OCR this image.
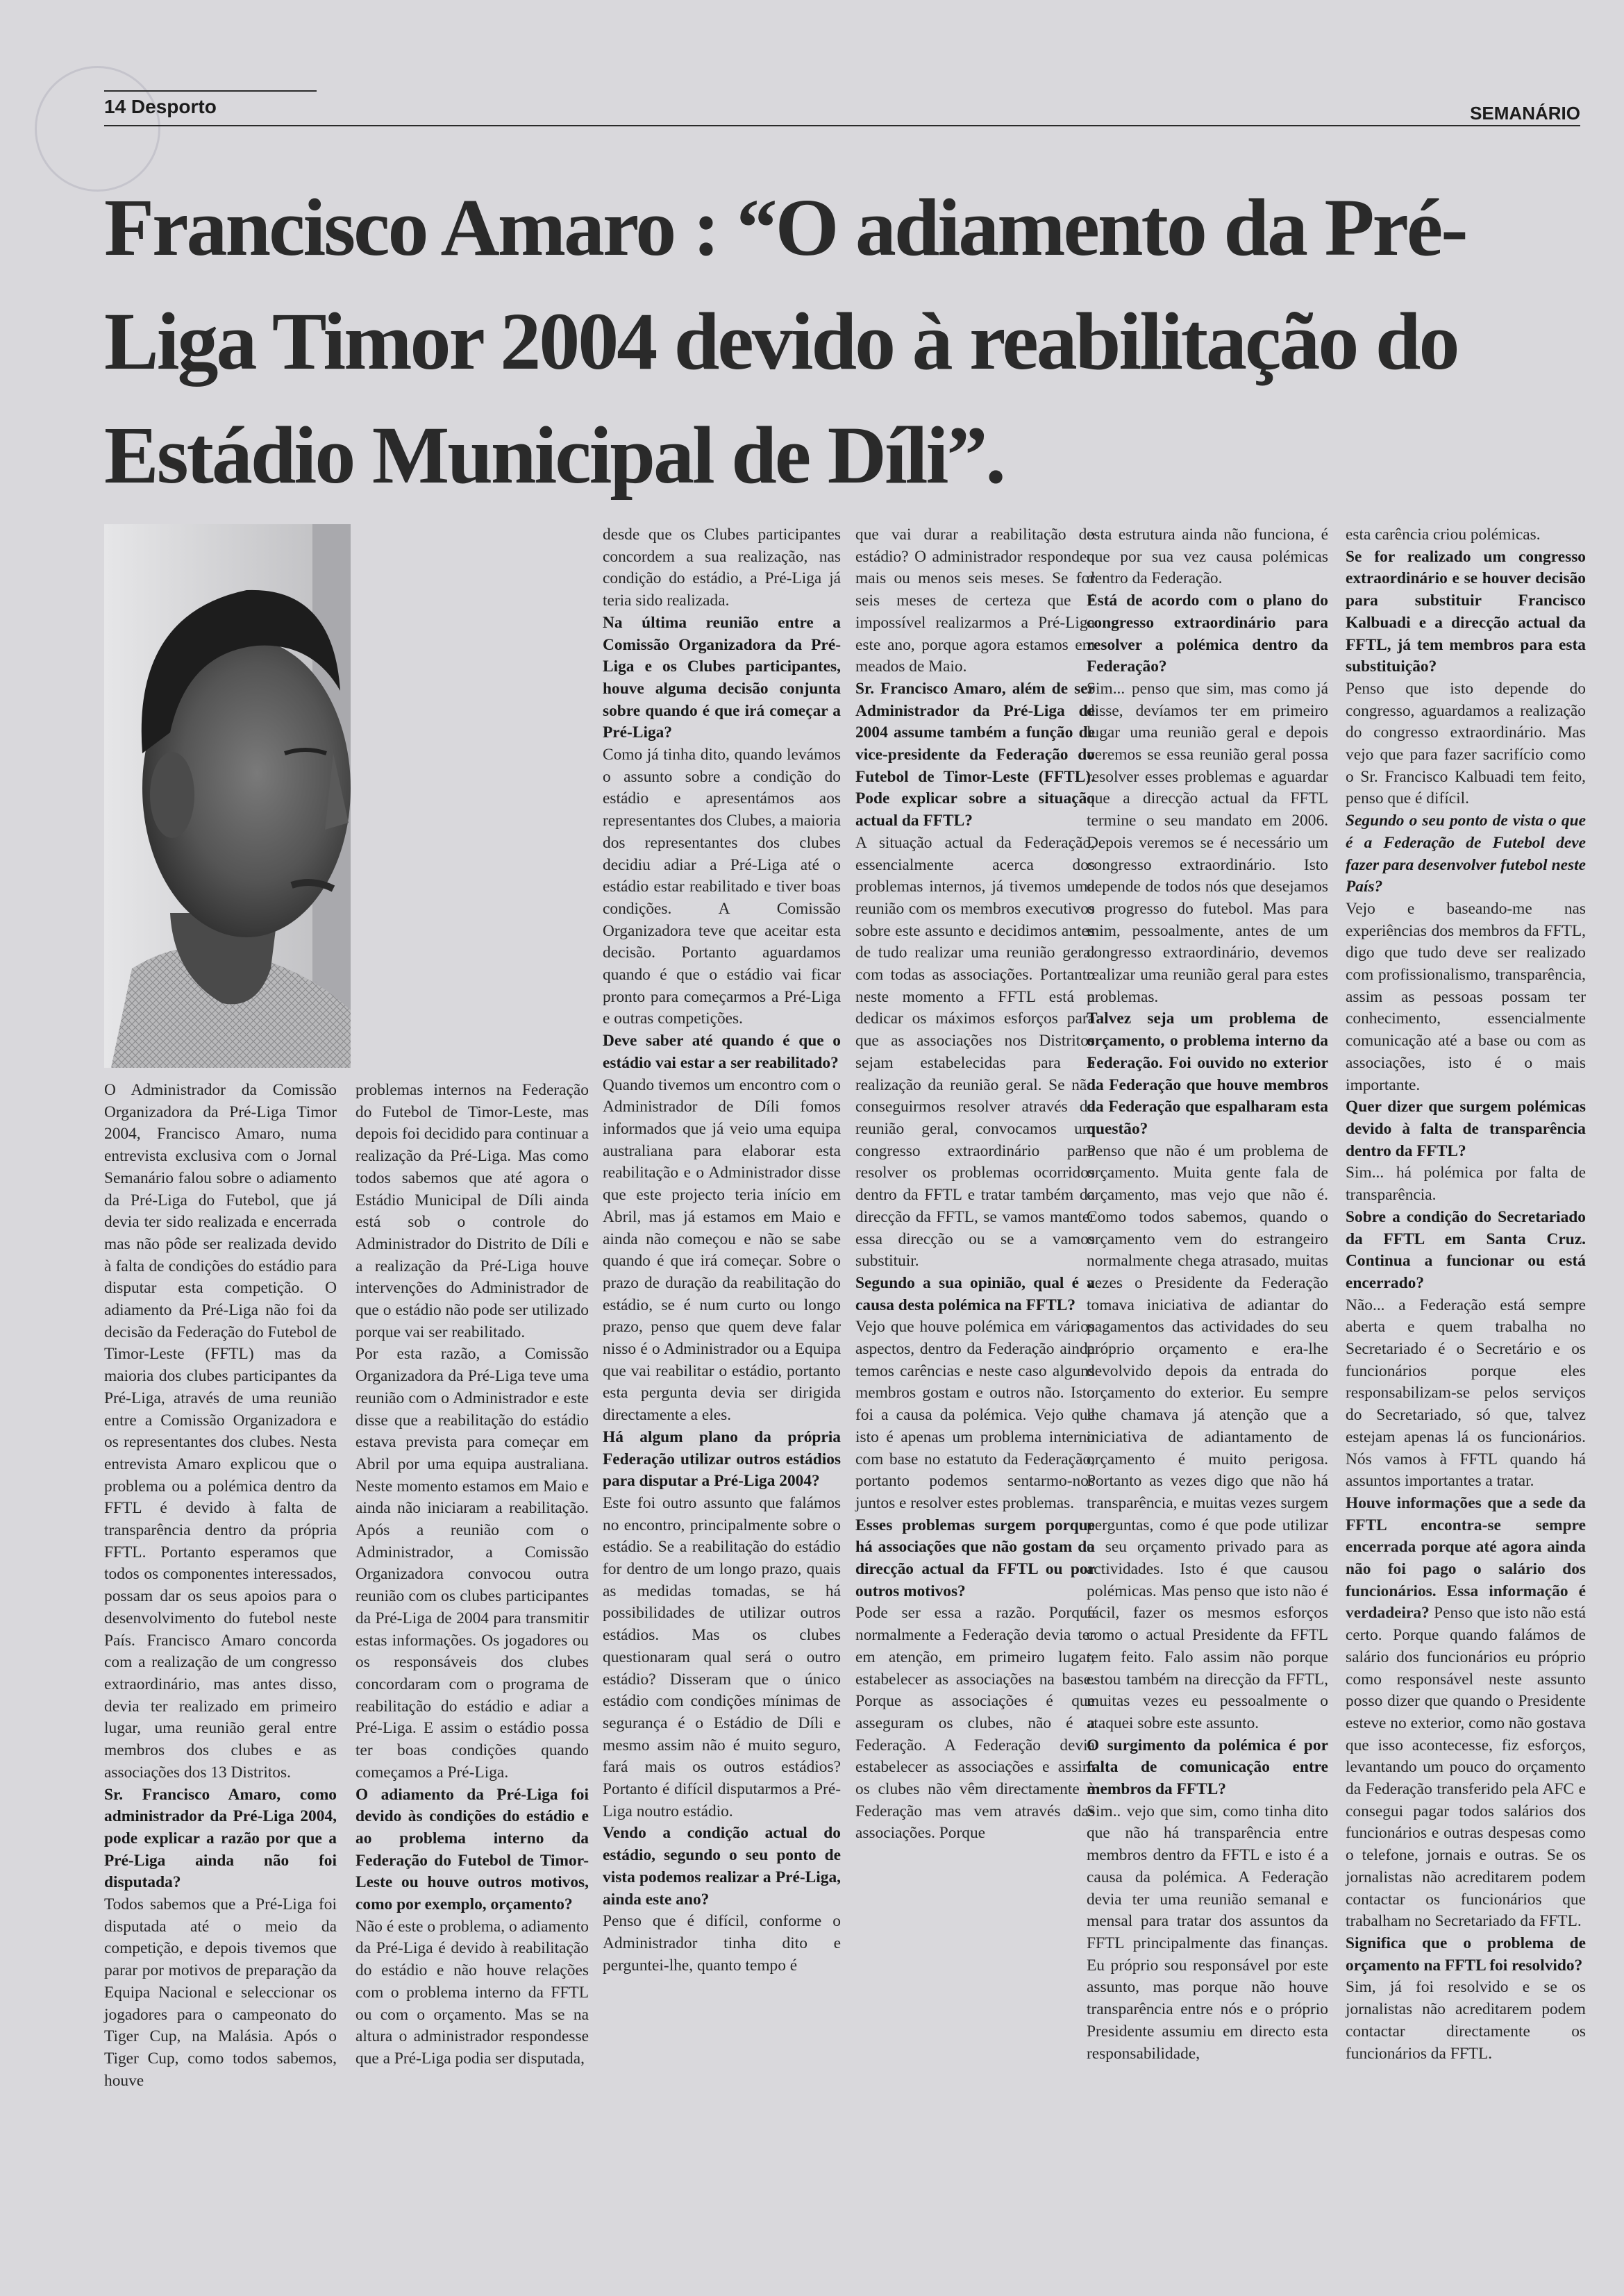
14 Desporto	SEMANÁRIO
Francisco Amaro : “O adiamento da Pré-Liga Timor 2004 devido à reabilitação do Estádio Municipal de Díli”.

O Administrador da Comissão Organizadora da Pré-Liga Timor 2004, Francisco Amaro, numa entrevista exclusiva com o Jornal Semanário falou sobre o adiamento da Pré-Liga do Futebol, que já devia ter sido realizada e encerrada mas não pôde ser realizada devido à falta de condições do estádio para disputar esta competição. O adiamento da Pré-Liga não foi da decisão da Federação do Futebol de Timor-Leste (FFTL) mas da maioria dos clubes participantes da Pré-Liga, através de uma reunião entre a Comissão Organizadora e os representantes dos clubes. Nesta entrevista Amaro explicou que o problema ou a polémica dentro da FFTL é devido à falta de transparência dentro da própria FFTL. Portanto esperamos que todos os componentes interessados, possam dar os seus apoios para o desenvolvimento do futebol neste País. Francisco Amaro concorda com a realização de um congresso extraordinário, mas antes disso, devia ter realizado em primeiro lugar, uma reunião geral entre membros dos clubes e as associações dos 13 Distritos.

Sr. Francisco Amaro, como administrador da Pré-Liga 2004, pode explicar a razão por que a Pré-Liga ainda não foi disputada?

Todos sabemos que a Pré-Liga foi disputada até o meio da competição, e depois tivemos que parar por motivos de preparação da Equipa Nacional e seleccionar os jogadores para o campeonato do Tiger Cup, na Malásia. Após o Tiger Cup, como todos sabemos, houve

problemas internos na Federação do Futebol de Timor-Leste, mas depois foi decidido para continuar a realização da Pré-Liga. Mas como todos sabemos que até agora o Estádio Municipal de Díli ainda está sob o controle do Administrador do Distrito de Díli e a realização da Pré-Liga houve intervenções do Administrador de que o estádio não pode ser utilizado porque vai ser reabilitado.

Por esta razão, a Comissão Organizadora da Pré-Liga teve uma reunião com o Administrador e este disse que a reabilitação do estádio estava prevista para começar em Abril por uma equipa australiana. Neste momento estamos em Maio e ainda não iniciaram a reabilitação. Após a reunião com o Administrador, a Comissão Organizadora convocou outra reunião com os clubes participantes da Pré-Liga de 2004 para transmitir estas informações. Os jogadores ou os responsáveis dos clubes concordaram com o programa de reabilitação do estádio e adiar a Pré-Liga. E assim o estádio possa ter boas condições quando começamos a Pré-Liga.

O adiamento da Pré-Liga foi devido às condições do estádio e ao problema interno da Federação do Futebol de Timor-Leste ou houve outros motivos, como por exemplo, orçamento?

Não é este o problema, o adiamento da Pré-Liga é devido à reabilitação do estádio e não houve relações com o problema interno da FFTL ou com o orçamento. Mas se na altura o administrador respondesse que a Pré-Liga podia ser disputada,

desde que os Clubes participantes concordem a sua realização, nas condição do estádio, a Pré-Liga já teria sido realizada.

Na última reunião entre a Comissão Organizadora da Pré-Liga e os Clubes participantes, houve alguma decisão conjunta sobre quando é que irá começar a Pré-Liga?

Como já tinha dito, quando levámos o assunto sobre a condição do estádio e apresentámos aos representantes dos Clubes, a maioria dos representantes dos clubes decidiu adiar a Pré-Liga até o estádio estar reabilitado e tiver boas condições. A Comissão Organizadora teve que aceitar esta decisão. Portanto aguardamos quando é que o estádio vai ficar pronto para começarmos a Pré-Liga e outras competições.

Deve saber até quando é que o estádio vai estar a ser reabilitado?

Quando tivemos um encontro com o Administrador de Díli fomos informados que já veio uma equipa australiana para elaborar esta reabilitação e o Administrador disse que este projecto teria início em Abril, mas já estamos em Maio e ainda não começou e não se sabe quando é que irá começar. Sobre o prazo de duração da reabilitação do estádio, se é num curto ou longo prazo, penso que quem deve falar nisso é o Administrador ou a Equipa que vai reabilitar o estádio, portanto esta pergunta devia ser dirigida directamente a eles.

Há algum plano da própria Federação utilizar outros estádios para disputar a Pré-Liga 2004?

Este foi outro assunto que falámos no encontro, principalmente sobre o estádio. Se a reabilitação do estádio for dentro de um longo prazo, quais as medidas tomadas, se há possibilidades de utilizar outros estádios. Mas os clubes questionaram qual será o outro estádio? Disseram que o único estádio com condições mínimas de segurança é o Estádio de Díli e mesmo assim não é muito seguro, fará mais os outros estádios? Portanto é difícil disputarmos a Pré-Liga noutro estádio.

Vendo a condição actual do estádio, segundo o seu ponto de vista podemos realizar a Pré-Liga, ainda este ano?

Penso que é difícil, conforme o Administrador tinha dito e perguntei-lhe, quanto tempo é

que vai durar a reabilitação do estádio? O administrador respondeu mais ou menos seis meses. Se for seis meses de certeza que é impossível realizarmos a Pré-Liga este ano, porque agora estamos em meados de Maio.

Sr. Francisco Amaro, além de ser Administrador da Pré-Liga de 2004 assume também a função de vice-presidente da Federação do Futebol de Timor-Leste (FFTL). Pode explicar sobre a situação actual da FFTL?

A situação actual da Federação, essencialmente acerca dos problemas internos, já tivemos uma reunião com os membros executivos sobre este assunto e decidimos antes de tudo realizar uma reunião geral com todas as associações. Portanto neste momento a FFTL está a dedicar os máximos esforços para que as associações nos Distritos sejam estabelecidas para a realização da reunião geral. Se não conseguirmos resolver através de reunião geral, convocamos um congresso extraordinário para resolver os problemas ocorridos dentro da FFTL e tratar também da direcção da FFTL, se vamos manter essa direcção ou se a vamos substituir.

Segundo a sua opinião, qual é a causa desta polémica na FFTL?

Vejo que houve polémica em vários aspectos, dentro da Federação ainda temos carências e neste caso alguns membros gostam e outros não. Isto foi a causa da polémica. Vejo que isto é apenas um problema interno com base no estatuto da Federação, portanto podemos sentarmo-nos juntos e resolver estes problemas.

Esses problemas surgem porque há associações que não gostam da direcção actual da FFTL ou por outros motivos?

Pode ser essa a razão. Porque normalmente a Federação devia ter em atenção, em primeiro lugar, estabelecer as associações na base. Porque as associações é que asseguram os clubes, não é a Federação. A Federação devia estabelecer as associações e assim os clubes não vêm directamente à Federação mas vem através das associações. Porque

esta estrutura ainda não funciona, é que por sua vez causa polémicas dentro da Federação.

Está de acordo com o plano do congresso extraordinário para resolver a polémica dentro da Federação?

Sim... penso que sim, mas como já disse, devíamos ter em primeiro lugar uma reunião geral e depois veremos se essa reunião geral possa resolver esses problemas e aguardar que a direcção actual da FFTL termine o seu mandato em 2006. Depois veremos se é necessário um congresso extraordinário. Isto depende de todos nós que desejamos o progresso do futebol. Mas para mim, pessoalmente, antes de um congresso extraordinário, devemos realizar uma reunião geral para estes problemas.

Talvez seja um problema de orçamento, o problema interno da Federação. Foi ouvido no exterior da Federação que houve membros da Federação que espalharam esta questão?

Penso que não é um problema de orçamento. Muita gente fala de orçamento, mas vejo que não é. Como todos sabemos, quando o orçamento vem do estrangeiro normalmente chega atrasado, muitas vezes o Presidente da Federação tomava iniciativa de adiantar do pagamentos das actividades do seu próprio orçamento e era-lhe devolvido depois da entrada do orçamento do exterior. Eu sempre lhe chamava já atenção que a iniciativa de adiantamento de orçamento é muito perigosa. Portanto as vezes digo que não há transparência, e muitas vezes surgem perguntas, como é que pode utilizar o seu orçamento privado para as actividades. Isto é que causou polémicas. Mas penso que isto não é fácil, fazer os mesmos esforços como o actual Presidente da FFTL tem feito. Falo assim não porque estou também na direcção da FFTL, muitas vezes eu pessoalmente o ataquei sobre este assunto.

O surgimento da polémica é por falta de comunicação entre membros da FFTL?

Sim.. vejo que sim, como tinha dito que não há transparência entre membros dentro da FFTL e isto é a causa da polémica. A Federação devia ter uma reunião semanal e mensal para tratar dos assuntos da FFTL principalmente das finanças. Eu próprio sou responsável por este assunto, mas porque não houve transparência entre nós e o próprio Presidente assumiu em directo esta responsabilidade,

esta carência criou polémicas.

Se for realizado um congresso extraordinário e se houver decisão para substituir Francisco Kalbuadi e a direcção actual da FFTL, já tem membros para esta substituição?

Penso que isto depende do congresso, aguardamos a realização do congresso extraordinário. Mas vejo que para fazer sacrifício como o Sr. Francisco Kalbuadi tem feito, penso que é difícil.

Segundo o seu ponto de vista o que é a Federação de Futebol deve fazer para desenvolver futebol neste País?

Vejo e baseando-me nas experiências dos membros da FFTL, digo que tudo deve ser realizado com profissionalismo, transparência, assim as pessoas possam ter conhecimento, essencialmente comunicação até a base ou com as associações, isto é o mais importante.

Quer dizer que surgem polémicas devido à falta de transparência dentro da FFTL?

Sim... há polémica por falta de transparência.

Sobre a condição do Secretariado da FFTL em Santa Cruz. Continua a funcionar ou está encerrado?

Não... a Federação está sempre aberta e quem trabalha no Secretariado é o Secretário e os funcionários porque eles responsabilizam-se pelos serviços do Secretariado, só que, talvez estejam apenas lá os funcionários. Nós vamos à FFTL quando há assuntos importantes a tratar.

Houve informações que a sede da FFTL encontra-se sempre encerrada porque até agora ainda não foi pago o salário dos funcionários. Essa informação é verdadeira? Penso que isto não está certo. Porque quando falámos de salário dos funcionários eu próprio como responsável neste assunto posso dizer que quando o Presidente esteve no exterior, como não gostava que isso acontecesse, fiz esforços, levantando um pouco do orçamento da Federação transferido pela AFC e consegui pagar todos salários dos funcionários e outras despesas como o telefone, jornais e outras. Se os jornalistas não acreditarem podem contactar os funcionários que trabalham no Secretariado da FFTL.

Significa que o problema de orçamento na FFTL foi resolvido?

Sim, já foi resolvido e se os jornalistas não acreditarem podem contactar directamente os funcionários da FFTL.
